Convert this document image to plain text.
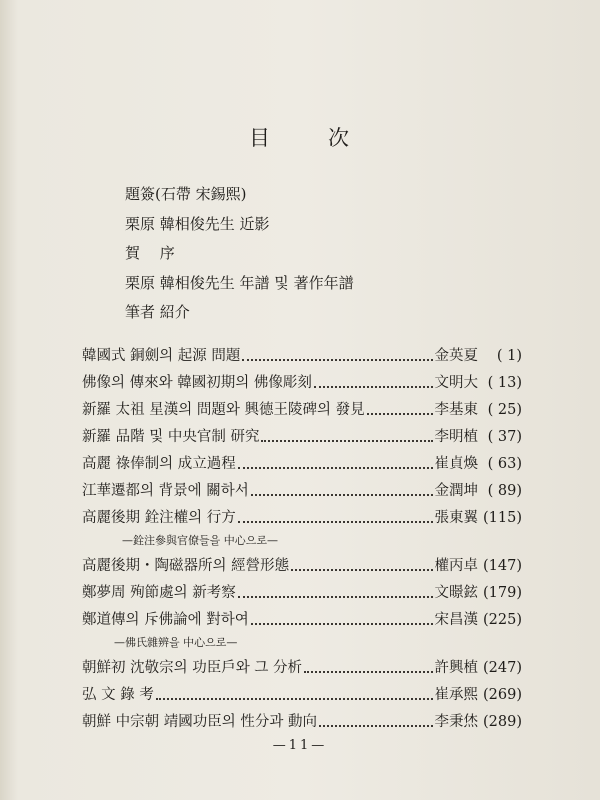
目	次
題簽(石帶 宋錫熙)
栗原 韓相俊先生 近影
賀　 序
栗原 韓相俊先生 年譜 및 著作年譜
筆者 紹介
韓國式 銅劍의 起源 問題	金英夏	( 1)
佛像의 傳來와 韓國初期의 佛像彫刻	文明大 ( 13)
新羅 太祖 星漢의 問題와 興德王陵碑의 發見	李基東 ( 25)
新羅 品階 및 中央官制 研究	李明植 ( 37)
高麗 祿俸制의 成立過程	崔貞煥 ( 63)
江華遷都의 背景에 關하서	金潤坤 ( 89)
高麗後期 銓注權의 行方	張東翼 (115)
—銓注參與官僚들을 中心으로—
高麗後期・陶磁器所의 經營形態	權丙卓 (147)
鄭夢周 殉節處의 新考察	文暻鉉 (179)
鄭道傳의 斥佛論에 對하여	宋昌漢 (225)
—佛氏雜辨을 中心으로—
朝鮮初 沈敬宗의 功臣戶와 그 分析	許興植 (247)
弘 文 錄 考	崔承熙 (269)
朝鮮 中宗朝 靖國功臣의 性分과 動向	李秉烋 (289)
—11—
